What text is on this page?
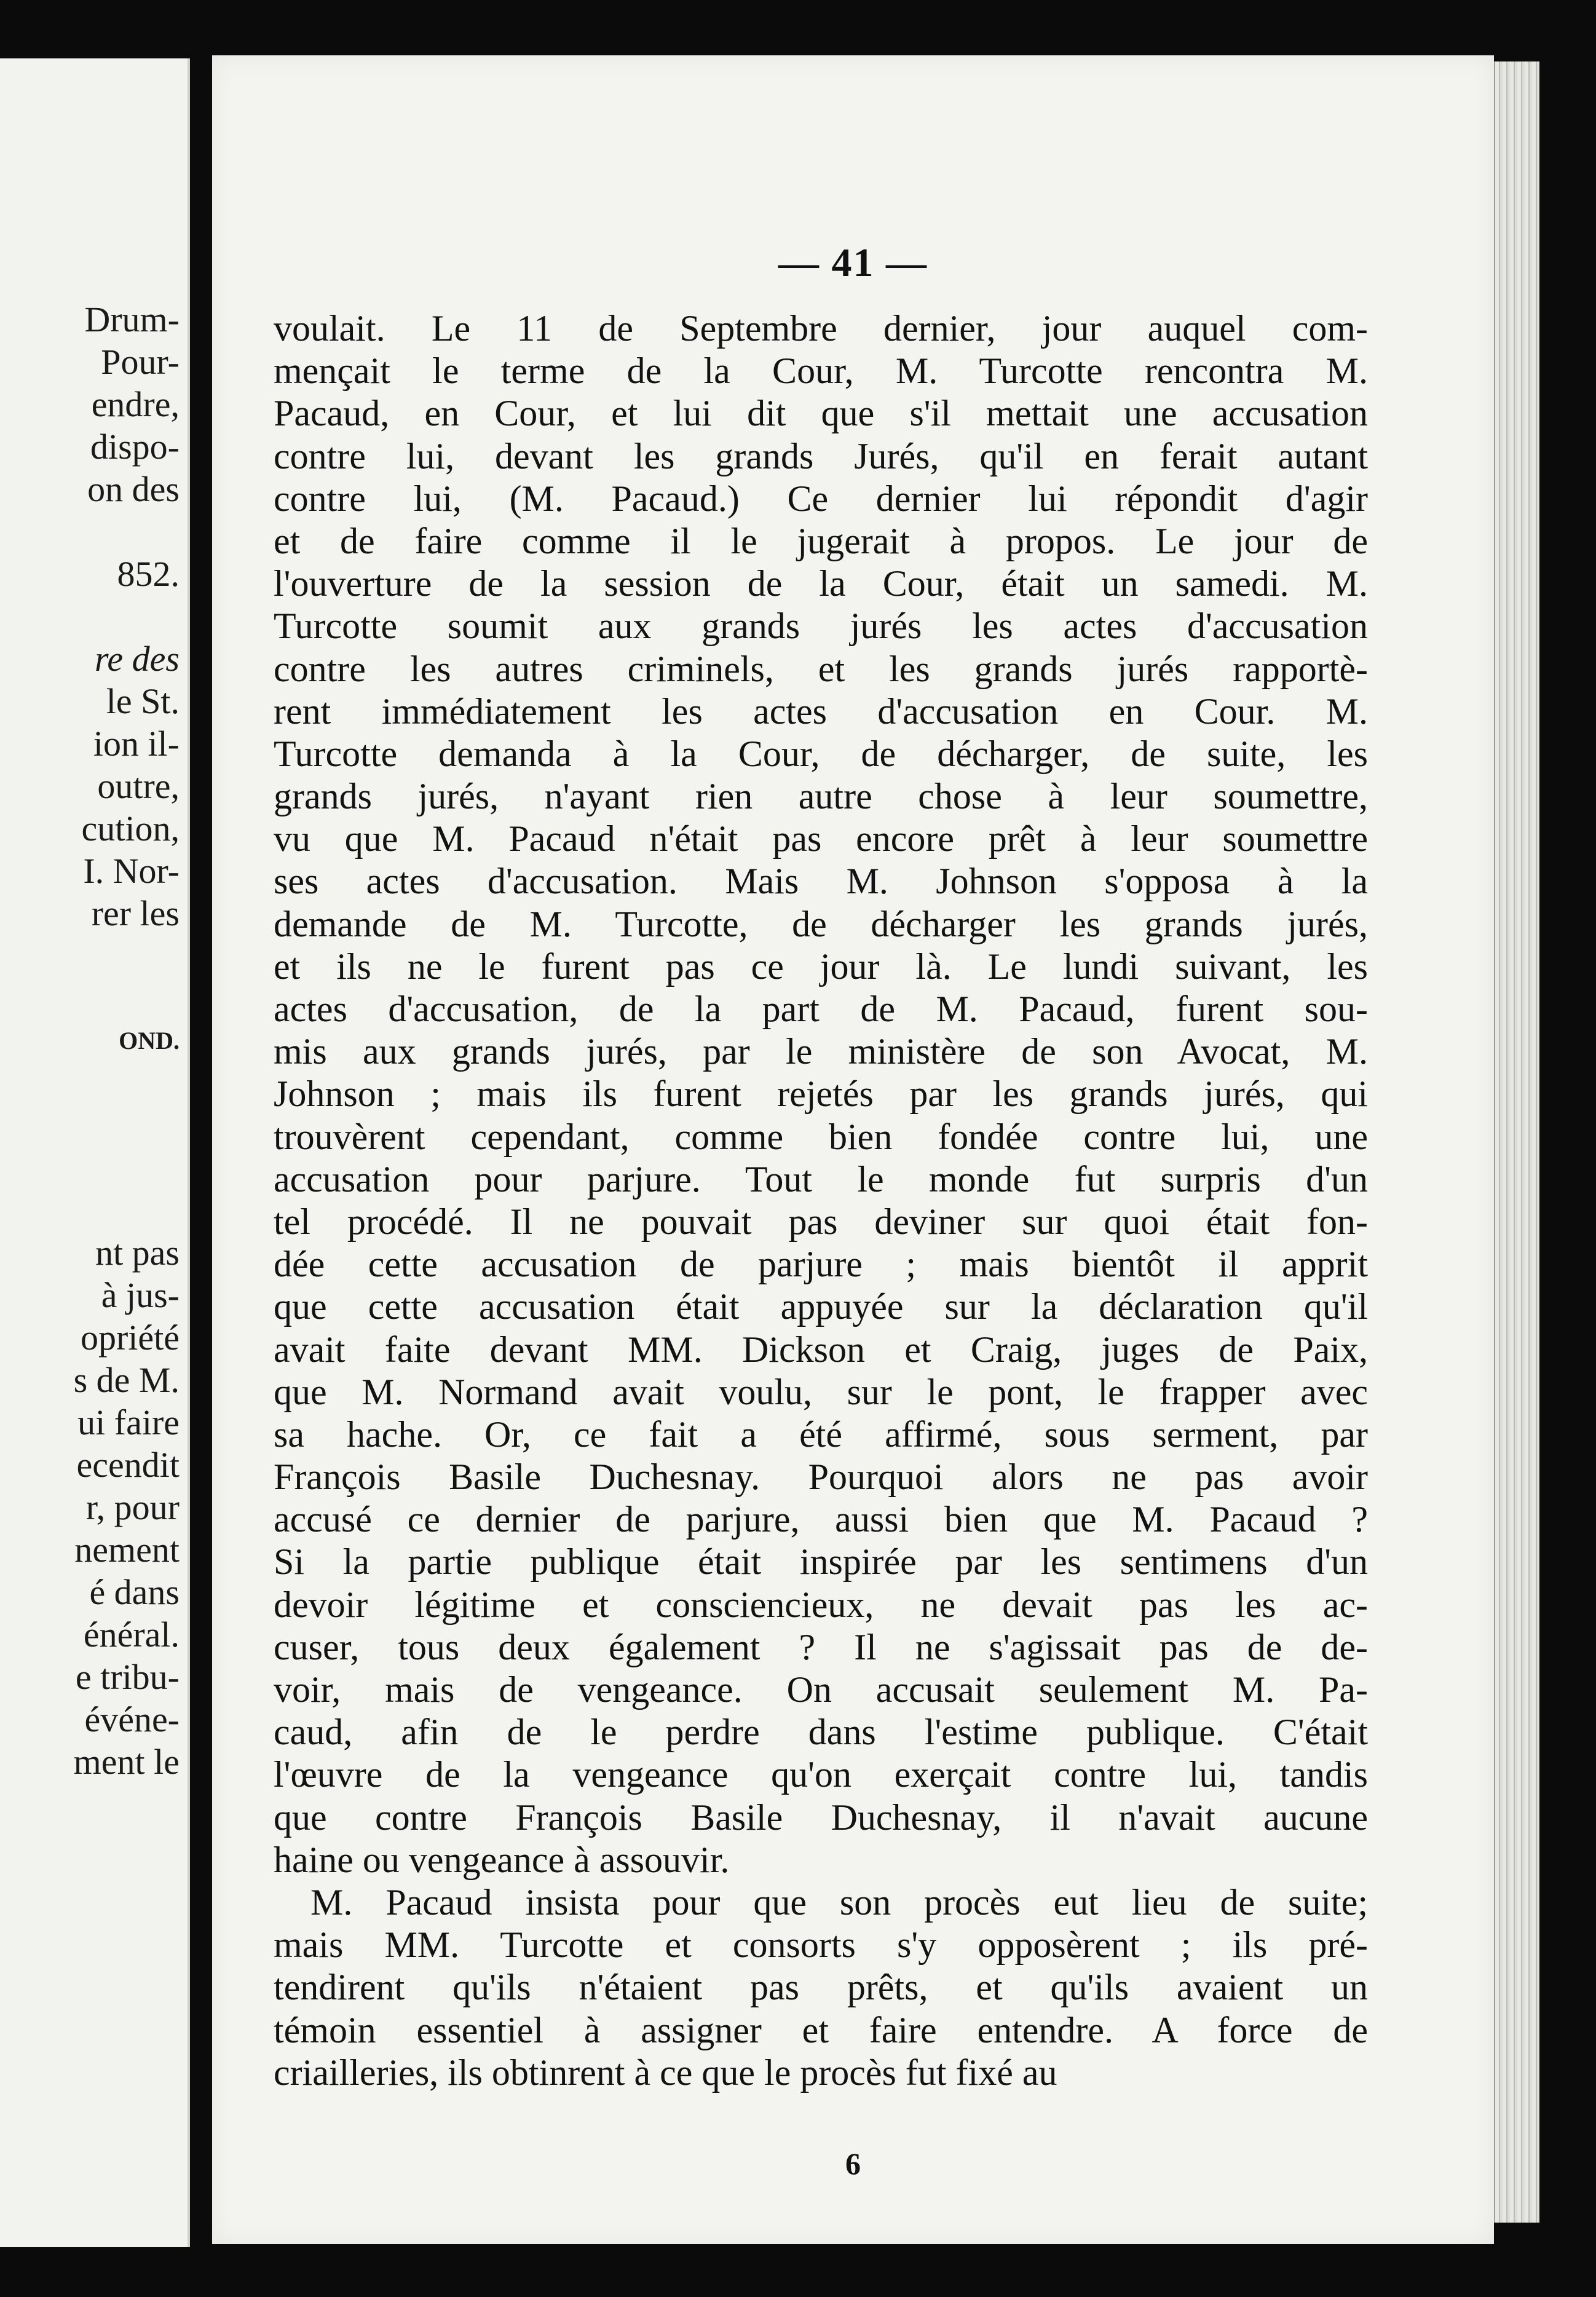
Drum-
Pour-
endre,
dispo-
on des

852.

re des
le St.
ion il-
outre,
cution,
I. Nor-
rer les

OND.

nt pas
à jus-
opriété
s de M.
ui faire
ecendit
r, pour
nement
é dans
énéral.
e tribu-
événe-
ment le
— 41 —
voulait. Le 11 de Septembre dernier, jour auquel com-
mençait le terme de la Cour, M. Turcotte rencontra M.
Pacaud, en Cour, et lui dit que s'il mettait une accusation
contre lui, devant les grands Jurés, qu'il en ferait autant
contre lui, (M. Pacaud.) Ce dernier lui répondit d'agir
et de faire comme il le jugerait à propos. Le jour de
l'ouverture de la session de la Cour, était un samedi. M.
Turcotte soumit aux grands jurés les actes d'accusation
contre les autres criminels, et les grands jurés rapportè-
rent immédiatement les actes d'accusation en Cour. M.
Turcotte demanda à la Cour, de décharger, de suite, les
grands jurés, n'ayant rien autre chose à leur soumettre,
vu que M. Pacaud n'était pas encore prêt à leur soumettre
ses actes d'accusation. Mais M. Johnson s'opposa à la
demande de M. Turcotte, de décharger les grands jurés,
et ils ne le furent pas ce jour là. Le lundi suivant, les
actes d'accusation, de la part de M. Pacaud, furent sou-
mis aux grands jurés, par le ministère de son Avocat, M.
Johnson ; mais ils furent rejetés par les grands jurés, qui
trouvèrent cependant, comme bien fondée contre lui, une
accusation pour parjure. Tout le monde fut surpris d'un
tel procédé. Il ne pouvait pas deviner sur quoi était fon-
dée cette accusation de parjure ; mais bientôt il apprit
que cette accusation était appuyée sur la déclaration qu'il
avait faite devant MM. Dickson et Craig, juges de Paix,
que M. Normand avait voulu, sur le pont, le frapper avec
sa hache. Or, ce fait a été affirmé, sous serment, par
François Basile Duchesnay. Pourquoi alors ne pas avoir
accusé ce dernier de parjure, aussi bien que M. Pacaud ?
Si la partie publique était inspirée par les sentimens d'un
devoir légitime et consciencieux, ne devait pas les ac-
cuser, tous deux également ? Il ne s'agissait pas de de-
voir, mais de vengeance. On accusait seulement M. Pa-
caud, afin de le perdre dans l'estime publique. C'était
l'œuvre de la vengeance qu'on exerçait contre lui, tandis
que contre François Basile Duchesnay, il n'avait aucune
haine ou vengeance à assouvir.
M. Pacaud insista pour que son procès eut lieu de suite;
mais MM. Turcotte et consorts s'y opposèrent ; ils pré-
tendirent qu'ils n'étaient pas prêts, et qu'ils avaient un
témoin essentiel à assigner et faire entendre. A force de
criailleries, ils obtinrent à ce que le procès fut fixé au
6
